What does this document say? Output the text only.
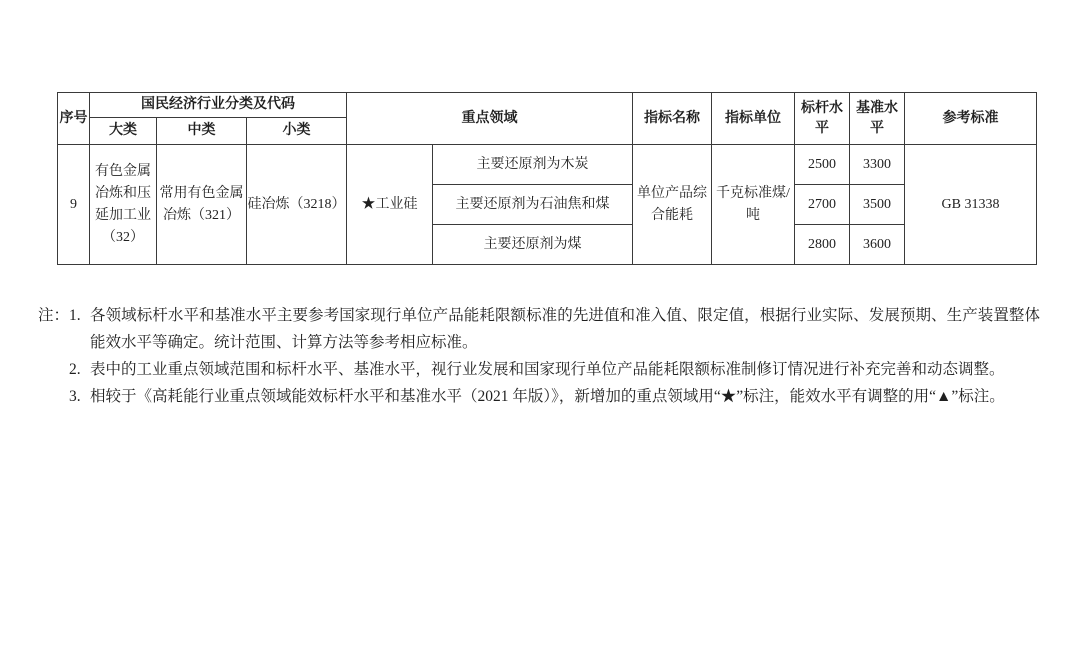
序号	国民经济行业分类及代码			重点领域		指标名称	指标单位	标杆水平	基准水平	参考标准
	大类	中类	小类							
9	有色金属冶炼和压延加工业（32）	常用有色金属冶炼（321）	硅冶炼（3218）	★工业硅	主要还原剂为木炭	单位产品综合能耗	千克标准煤/吨	2500	3300	GB 31338
					主要还原剂为石油焦和煤			2700	3500	
					主要还原剂为煤			2800	3600	
注： 1. 各领域标杆水平和基准水平主要参考国家现行单位产品能耗限额标准的先进值和准入值、限定值，根据行业实际、发展预期、生产装置整体能效水平等确定。统计范围、计算方法等参考相应标准。
2. 表中的工业重点领域范围和标杆水平、基准水平，视行业发展和国家现行单位产品能耗限额标准制修订情况进行补充完善和动态调整。
3. 相较于《高耗能行业重点领域能效标杆水平和基准水平（2021 年版）》，新增加的重点领域用“★”标注，能效水平有调整的用“▲”标注。
